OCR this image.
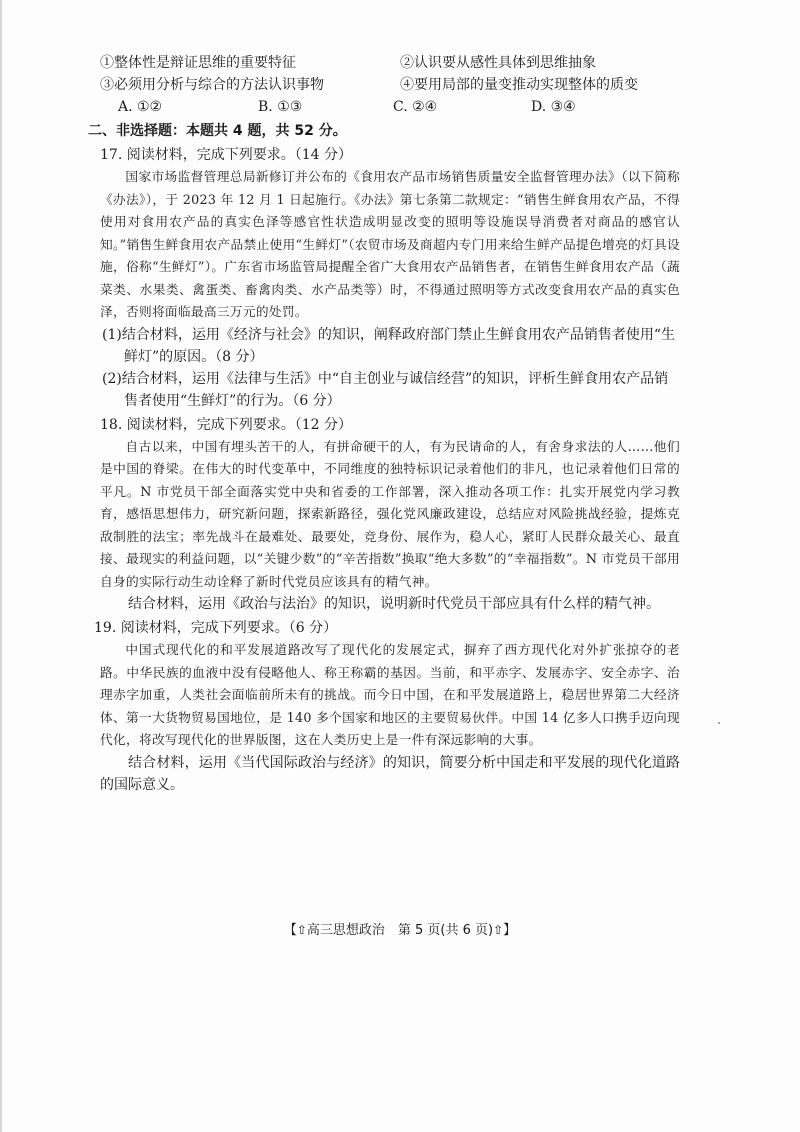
①整体性是辩证思维的重要特征	②认识要从感性具体到思维抽象
③必须用分析与综合的方法认识事物	④要用局部的量变推动实现整体的质变
A. ①②	B. ①③	C. ②④	D. ③④
二、非选择题：本题共 4 题，共 52 分。
17. 阅读材料，完成下列要求。（14 分）
国家市场监督管理总局新修订并公布的《食用农产品市场销售质量安全监督管理办法》（以下简称《办法》），于 2023 年 12 月 1 日起施行。《办法》第七条第二款规定：“销售生鲜食用农产品，不得使用对食用农产品的真实色泽等感官性状造成明显改变的照明等设施误导消费者对商品的感官认知。”销售生鲜食用农产品禁止使用“生鲜灯”（农贸市场及商超内专门用来给生鲜产品提色增亮的灯具设施，俗称“生鲜灯”）。广东省市场监管局提醒全省广大食用农产品销售者，在销售生鲜食用农产品（蔬菜类、水果类、禽蛋类、畜禽肉类、水产品类等）时，不得通过照明等方式改变食用农产品的真实色泽，否则将面临最高三万元的处罚。
(1)结合材料，运用《经济与社会》的知识，阐释政府部门禁止生鲜食用农产品销售者使用“生
鲜灯”的原因。（8 分）
(2)结合材料，运用《法律与生活》中“自主创业与诚信经营”的知识，评析生鲜食用农产品销
售者使用“生鲜灯”的行为。（6 分）
18. 阅读材料，完成下列要求。（12 分）
自古以来，中国有埋头苦干的人，有拼命硬干的人，有为民请命的人，有舍身求法的人……他们是中国的脊梁。在伟大的时代变革中，不同维度的独特标识记录着他们的非凡，也记录着他们日常的平凡。N 市党员干部全面落实党中央和省委的工作部署，深入推动各项工作：扎实开展党内学习教育，感悟思想伟力，研究新问题，探索新路径，强化党风廉政建设，总结应对风险挑战经验，提炼克敌制胜的法宝；率先战斗在最难处、最要处，竞身份、展作为，稳人心，紧盯人民群众最关心、最直接、最现实的利益问题，以“关键少数”的“辛苦指数”换取“绝大多数”的“幸福指数”。N 市党员干部用自身的实际行动生动诠释了新时代党员应该具有的精气神。
结合材料，运用《政治与法治》的知识，说明新时代党员干部应具有什么样的精气神。
19. 阅读材料，完成下列要求。（6 分）
中国式现代化的和平发展道路改写了现代化的发展定式，摒弃了西方现代化对外扩张掠夺的老路。中华民族的血液中没有侵略他人、称王称霸的基因。当前，和平赤字、发展赤字、安全赤字、治理赤字加重，人类社会面临前所未有的挑战。而今日中国，在和平发展道路上，稳居世界第二大经济体、第一大货物贸易国地位，是 140 多个国家和地区的主要贸易伙伴。中国 14 亿多人口携手迈向现代化，将改写现代化的世界版图，这在人类历史上是一件有深远影响的大事。
结合材料，运用《当代国际政治与经济》的知识，简要分析中国走和平发展的现代化道路的国际意义。
【⇧高三思想政治　第 5 页(共 6 页)⇧】
